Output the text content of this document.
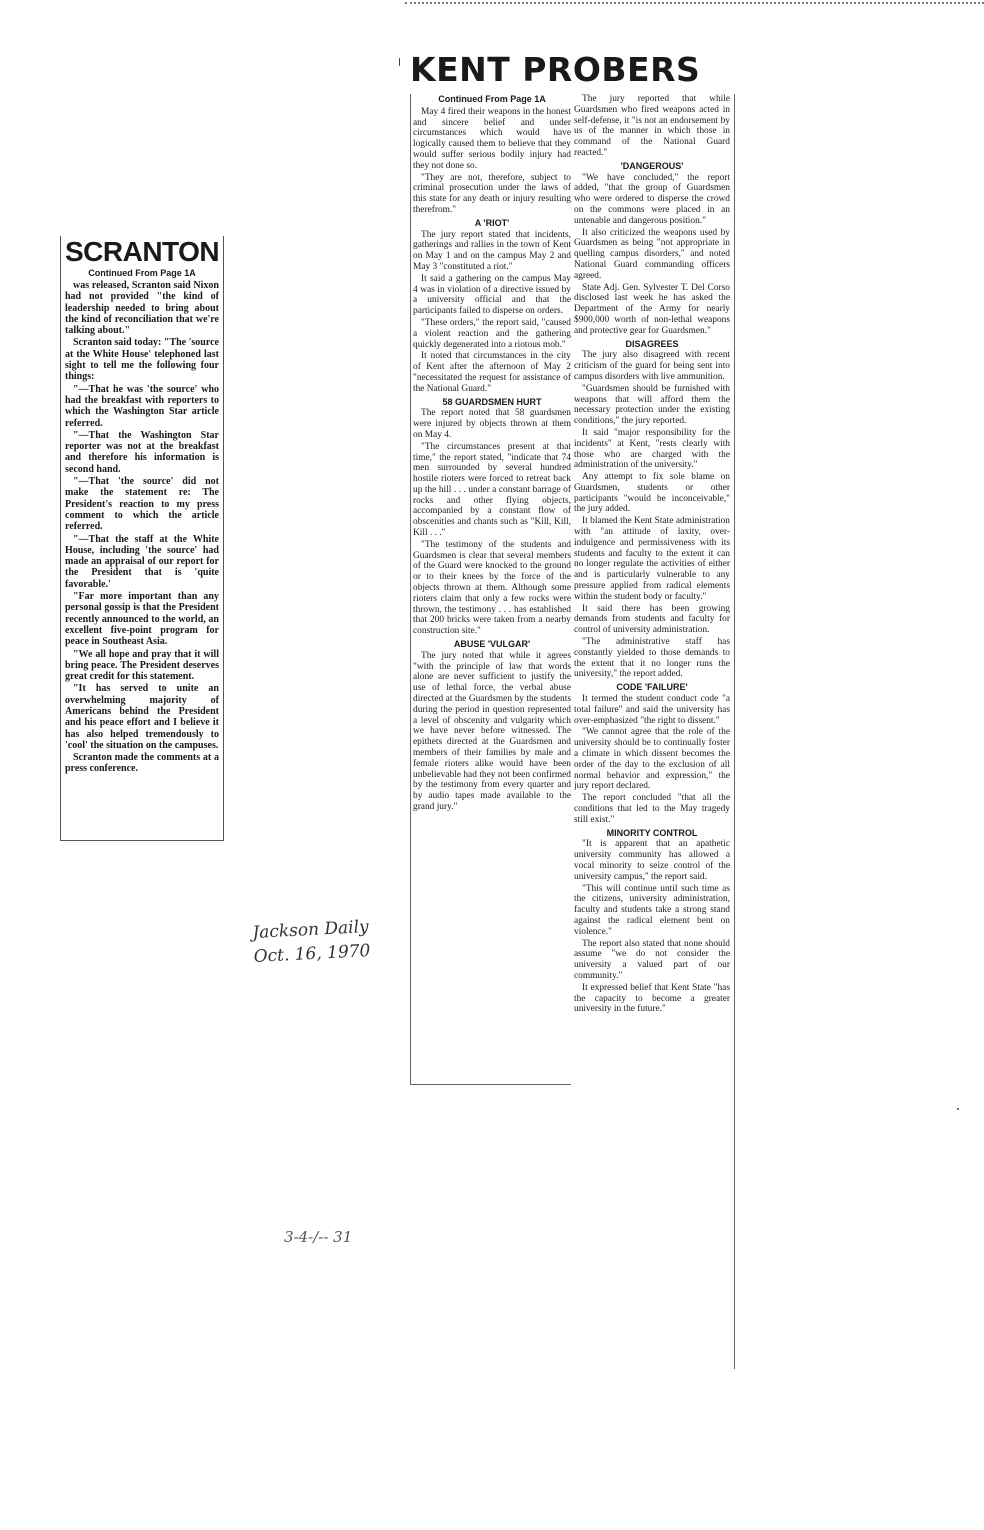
SCRANTON
Continued From Page 1A

was released, Scranton said Nixon had not provided "the kind of leadership needed to bring about the kind of reconciliation that we're talking about."

Scranton said today: "The 'source at the White House' telephoned last sight to tell me the following four things:

"—That he was 'the source' who had the breakfast with reporters to which the Washington Star article referred.

"—That the Washington Star reporter was not at the breakfast and therefore his information is second hand.

"—That 'the source' did not make the statement re: The President's reaction to my press comment to which the article referred.

"—That the staff at the White House, including 'the source' had made an appraisal of our report for the President that is 'quite favorable.'

"Far more important than any personal gossip is that the President recently announced to the world, an excellent five-point program for peace in Southeast Asia.

"We all hope and pray that it will bring peace. The President deserves great credit for this statement.

"It has served to unite an overwhelming majority of Americans behind the President and his peace effort and I believe it has also helped tremendously to 'cool' the situation on the campuses.

Scranton made the comments at a press conference.

KENT PROBERS
Continued From Page 1A

May 4 fired their weapons in the honest and sincere belief and under circumstances which would have logically caused them to believe that they would suffer serious bodily injury had they not done so.

"They are not, therefore, subject to criminal prosecution under the laws of this state for any death or injury resulting therefrom."

A 'RIOT'

The jury report stated that incidents, gatherings and rallies in the town of Kent on May 1 and on the campus May 2 and May 3 "constituted a riot."

It said a gathering on the campus May 4 was in violation of a directive issued by a university official and that the participants failed to disperse on orders.

"These orders," the report said, "caused a violent reaction and the gathering quickly degenerated into a riotous mob."

It noted that circumstances in the city of Kent after the afternoon of May 2 "necessitated the request for assistance of the National Guard."

58 GUARDSMEN HURT

The report noted that 58 guardsmen were injured by objects thrown at them on May 4.

"The circumstances present at that time," the report stated, "indicate that 74 men surrounded by several hundred hostile rioters were forced to retreat back up the hill . . . under a constant barrage of rocks and other flying objects, accompanied by a constant flow of obscenities and chants such as "Kill, Kill, Kill . . ."

"The testimony of the students and Guardsmen is clear that several members of the Guard were knocked to the ground or to their knees by the force of the objects thrown at them. Although some rioters claim that only a few rocks were thrown, the testimony . . . has established that 200 bricks were taken from a nearby construction site."

ABUSE 'VULGAR'

The jury noted that while it agrees "with the principle of law that words alone are never sufficient to justify the use of lethal force, the verbal abuse directed at the Guardsmen by the students during the period in question represented a level of obscenity and vulgarity which we have never before witnessed. The epithets directed at the Guardsmen and members of their families by male and female rioters alike would have been unbelievable had they not been confirmed by the testimony from every quarter and by audio tapes made available to the grand jury."

The jury reported that while Guardsmen who fired weapons acted in self-defense, it "is not an endorsement by us of the manner in which those in command of the National Guard reacted."

'DANGEROUS'

"We have concluded," the report added, "that the group of Guardsmen who were ordered to disperse the crowd on the commons were placed in an untenable and dangerous position."

It also criticized the weapons used by Guardsmen as being "not appropriate in quelling campus disorders," and noted National Guard commanding officers agreed.

State Adj. Gen. Sylvester T. Del Corso disclosed last week he has asked the Department of the Army for nearly $900,000 worth of non-lethal weapons and protective gear for Guardsmen."

DISAGREES

The jury also disagreed with recent criticism of the guard for being sent into campus disorders with live ammunition.

"Guardsmen should be furnished with weapons that will afford them the necessary protection under the existing conditions," the jury reported.

It said "major responsibility for the incidents" at Kent, "rests clearly with those who are charged with the administration of the university."

Any attempt to fix sole blame on Guardsmen, students or other participants "would be inconceivable," the jury added.

It blamed the Kent State administration with "an attitude of laxity, over-indulgence and permissiveness with its students and faculty to the extent it can no longer regulate the activities of either and is particularly vulnerable to any pressure applied from radical elements within the student body or faculty."

It said there has been growing demands from students and faculty for control of university administration.

"The administrative staff has constantly yielded to those demands to the extent that it no longer runs the university," the report added.

CODE 'FAILURE'

It termed the student conduct code "a total failure" and said the university has over-emphasized "the right to dissent."

"We cannot agree that the role of the university should be to continually foster a climate in which dissent becomes the order of the day to the exclusion of all normal behavior and expression," the jury report declared.

The report concluded "that all the conditions that led to the May tragedy still exist."

MINORITY CONTROL

"It is apparent that an apathetic university community has allowed a vocal minority to seize control of the university campus," the report said.

"This will continue until such time as the citizens, university administration, faculty and students take a strong stand against the radical element bent on violence."

The report also stated that none should assume "we do not consider the university a valued part of our community."

It expressed belief that Kent State "has the capacity to become a greater university in the future."

Jackson Daily
Oct. 16, 1970
3-4-/-- 31
